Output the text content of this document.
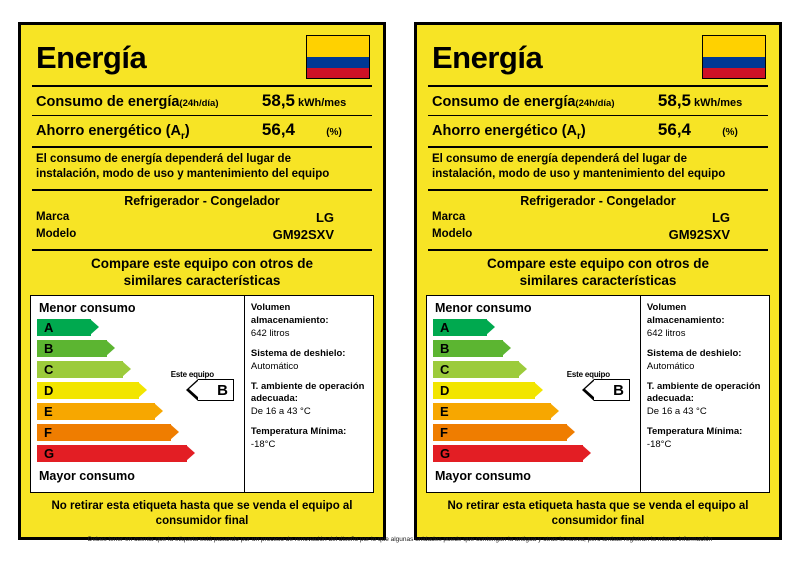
Energía
Consumo de energía(24h/día)	58,5 kWh/mes
Ahorro energético $(A_r)$	56,4	(%)
El consumo de energía dependerá del lugar de
instalación, modo de uso y mantenimiento del equipo
Refrigerador - Congelador
Marca	LG
Modelo	GM92SXV
Compare este equipo con otros de
similares características
Menor consumo
A
B
C
D
E
F
G
Este equipo
B
Mayor consumo
Volumen almacenamiento:
642 litros
Sistema de deshielo:
Automático
T. ambiente de operación adecuada:
De 16 a 43 °C
Temperatura Mínima:
-18°C
No retirar esta etiqueta hasta que se venda el equipo al
consumidor final
Energía
Consumo de energía(24h/día)	58,5 kWh/mes
Ahorro energético $(A_r)$	56,4	(%)
El consumo de energía dependerá del lugar de
instalación, modo de uso y mantenimiento del equipo
Refrigerador - Congelador
Marca	LG
Modelo	GM92SXV
Compare este equipo con otros de
similares características
Menor consumo
A
B
C
D
E
F
G
Este equipo
B
Mayor consumo
Volumen almacenamiento:
642 litros
Sistema de deshielo:
Automático
T. ambiente de operación adecuada:
De 16 a 43 °C
Temperatura Mínima:
-18°C
No retirar esta etiqueta hasta que se venda el equipo al
consumidor final
Debes tener en cuenta que la etiqueta está pasando por un proceso de renovación del diseño por lo que algunas unidades puede que contengan la antigua y otras la nueva, pero ambas registran la misma información
